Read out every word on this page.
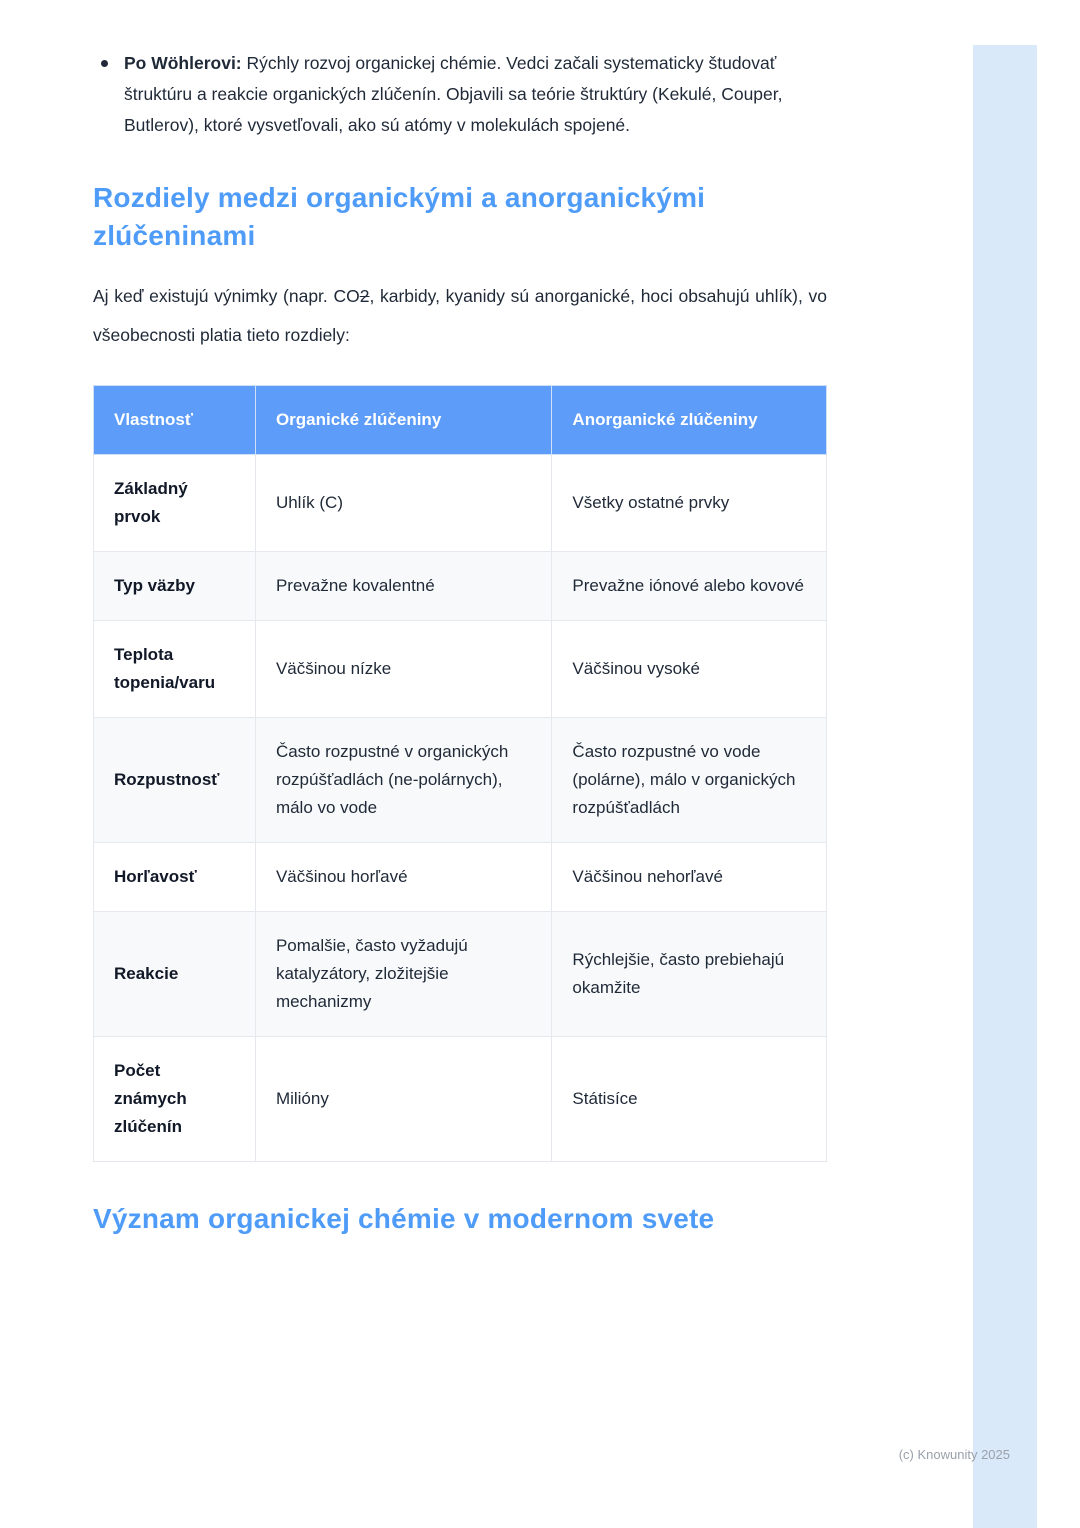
Po Wöhlerovi: Rýchly rozvoj organickej chémie. Vedci začali systematicky študovať štruktúru a reakcie organických zlúčenín. Objavili sa teórie štruktúry (Kekulé, Couper, Butlerov), ktoré vysvetľovali, ako sú atómy v molekulách spojené.
Rozdiely medzi organickými a anorganickými zlúčeninami

Aj keď existujú výnimky (napr. CO2, karbidy, kyanidy sú anorganické, hoci obsahujú uhlík), vo všeobecnosti platia tieto rozdiely:

Vlastnosť	Organické zlúčeniny	Anorganické zlúčeniny
Základný prvok	Uhlík (C)	Všetky ostatné prvky
Typ väzby	Prevažne kovalentné	Prevažne iónové alebo kovové
Teplota topenia/varu	Väčšinou nízke	Väčšinou vysoké
Rozpustnosť	Často rozpustné v organických rozpúšťadlách (ne-polárnych), málo vo vode	Často rozpustné vo vode (polárne), málo v organických rozpúšťadlách
Horľavosť	Väčšinou horľavé	Väčšinou nehorľavé
Reakcie	Pomalšie, často vyžadujú katalyzátory, zložitejšie mechanizmy	Rýchlejšie, často prebiehajú okamžite
Počet známych zlúčenín	Milióny	Státisíce
Význam organickej chémie v modernom svete
(c) Knowunity 2025
